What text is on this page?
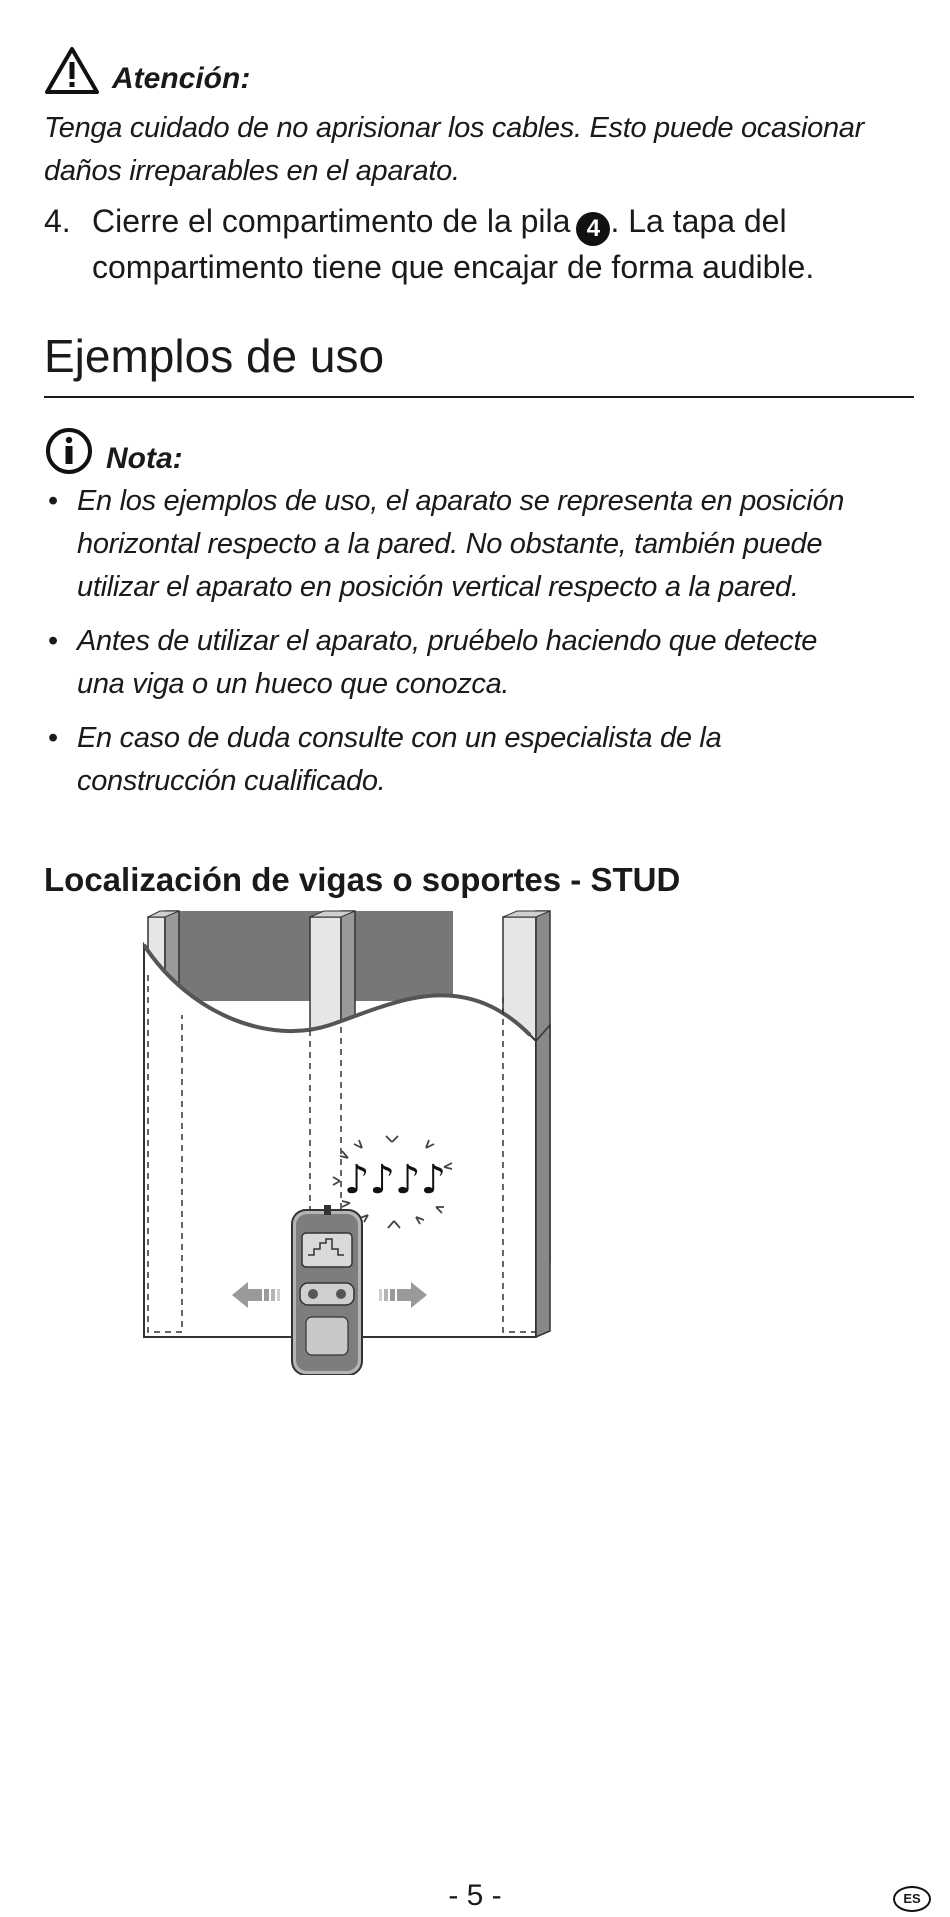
Atención:
Tenga cuidado de no aprisionar los cables. Esto puede ocasionar
daños irreparables en el aparato.
4. Cierre el compartimento de la pila 4 . La tapa del
compartimento tiene que encajar de forma audible.
Ejemplos de uso
Nota:
• En los ejemplos de uso, el aparato se representa en posición
horizontal respecto a la pared. No obstante, también puede
utilizar el aparato en posición vertical respecto a la pared.
• Antes de utilizar el aparato, pruébelo haciendo que detecte
una viga o un hueco que conozca.
• En caso de duda consulte con un especialista de la
construcción cualificado.
Localización de vigas o soportes - STUD
♪♪♪♪
- 5 -	ES
